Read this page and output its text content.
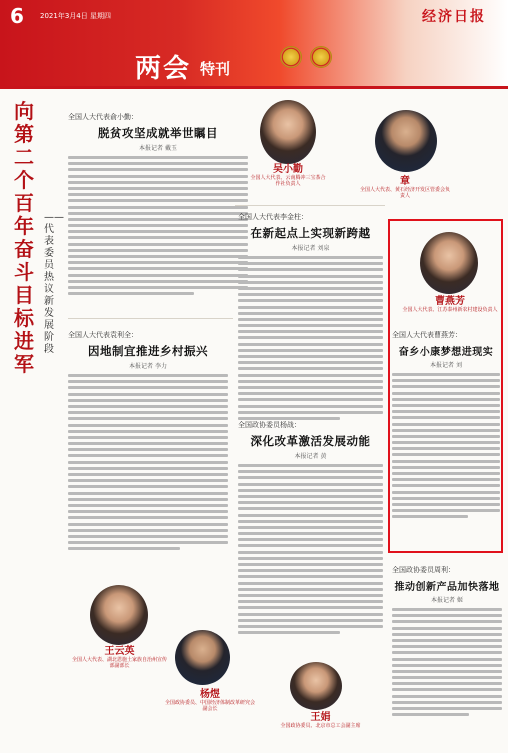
6 2021年3月4日 星期四	经济日报
两会 特刊
向第二个百年奋斗目标进军
——代表委员热议新发展阶段
全国人大代表俞小勤：
脱贫攻坚成就举世瞩目
本报记者 戴玉
吴小勤
全国人大代表、云南腾冲三宝茶合作社负责人	章
全国人大代表、黄石经济开发区管委会负责人
全国人大代表李金柱：
在新起点上实现新跨越
本报记者 刘泉
全国人大代表袁利全：
因地制宜推进乡村振兴
本报记者 李力
全国政协委员杨战：
深化改革激活发展动能
本报记者 黄
曹燕芳
全国人大代表、江苏泰州新农村建设负责人
全国人大代表曹燕芳：
奋乡小康梦想进现实
本报记者 刘
全国政协委员周利：
推动创新产品加快落地
本报记者 姬
王云英
全国人大代表、湖北恩施土家族自治州宣传部副部长
杨煜
全国政协委员、中国经济体制改革研究会副会长
王娟
全国政协委员、北京市总工会副主席
